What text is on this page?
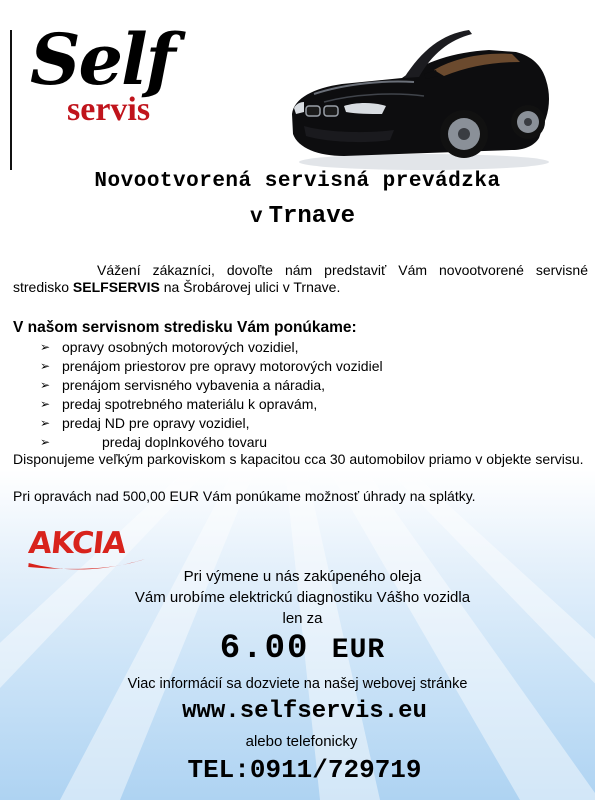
Self
servis
Novootvorená servisná prevádzka
v Trnave
Vážení zákazníci, dovoľte nám predstaviť Vám novootvorené servisné stredisko SELFSERVIS na Šrobárovej ulici v Trnave.
V našom servisnom stredisku Vám ponúkame:
➢ opravy osobných motorových vozidiel,
➢ prenájom priestorov pre opravy motorových vozidiel
➢ prenájom servisného vybavenia a náradia,
➢ predaj spotrebného materiálu k opravám,
➢ predaj ND pre opravy vozidiel,
➢	predaj doplnkového tovaru
Disponujeme veľkým parkoviskom s kapacitou cca 30 automobilov priamo v objekte servisu.
Pri opravách nad 500,00 EUR Vám ponúkame možnosť úhrady na splátky.
AKCIA
Pri výmene u nás zakúpeného oleja
Vám urobíme elektrickú diagnostiku Vášho vozidla
len za
6.00 EUR
Viac informácií sa dozviete na našej webovej stránke
www.selfservis.eu
alebo telefonicky
TEL:0911/729719
